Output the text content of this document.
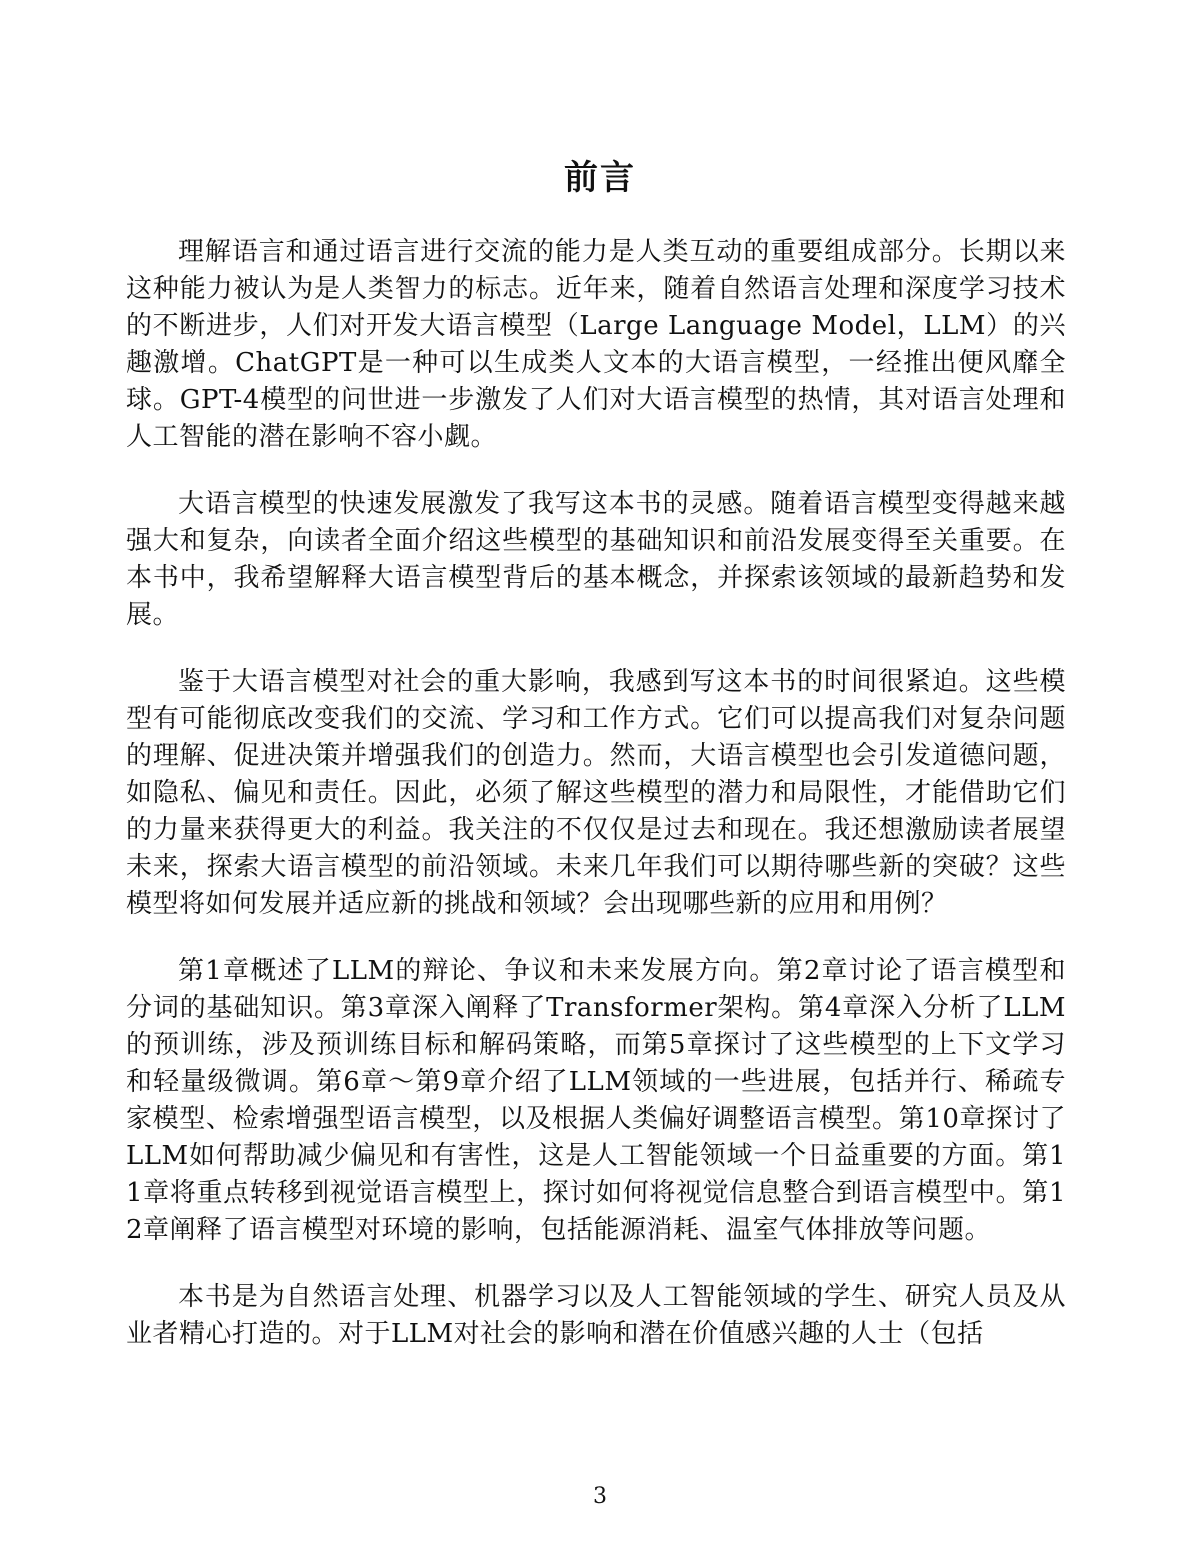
前言

理解语言和通过语言进行交流的能力是人类互动的重要组成部分。长期以来这种能力被认为是人类智力的标志。近年来，随着自然语言处理和深度学习技术的不断进步，人们对开发大语言模型（Large Language Model，LLM）的兴趣激增。ChatGPT是一种可以生成类人文本的大语言模型，一经推出便风靡全球。GPT-4模型的问世进一步激发了人们对大语言模型的热情，其对语言处理和人工智能的潜在影响不容小觑。

大语言模型的快速发展激发了我写这本书的灵感。随着语言模型变得越来越强大和复杂，向读者全面介绍这些模型的基础知识和前沿发展变得至关重要。在本书中，我希望解释大语言模型背后的基本概念，并探索该领域的最新趋势和发展。

鉴于大语言模型对社会的重大影响，我感到写这本书的时间很紧迫。这些模型有可能彻底改变我们的交流、学习和工作方式。它们可以提高我们对复杂问题的理解、促进决策并增强我们的创造力。然而，大语言模型也会引发道德问题，如隐私、偏见和责任。因此，必须了解这些模型的潜力和局限性，才能借助它们的力量来获得更大的利益。我关注的不仅仅是过去和现在。我还想激励读者展望未来，探索大语言模型的前沿领域。未来几年我们可以期待哪些新的突破？这些模型将如何发展并适应新的挑战和领域？会出现哪些新的应用和用例？

第1章概述了LLM的辩论、争议和未来发展方向。第2章讨论了语言模型和分词的基础知识。第3章深入阐释了Transformer架构。第4章深入分析了LLM的预训练，涉及预训练目标和解码策略，而第5章探讨了这些模型的上下文学习和轻量级微调。第6章～第9章介绍了LLM领域的一些进展，包括并行、稀疏专家模型、检索增强型语言模型，以及根据人类偏好调整语言模型。第10章探讨了LLM如何帮助减少偏见和有害性，这是人工智能领域一个日益重要的方面。第11章将重点转移到视觉语言模型上，探讨如何将视觉信息整合到语言模型中。第12章阐释了语言模型对环境的影响，包括能源消耗、温室气体排放等问题。

本书是为自然语言处理、机器学习以及人工智能领域的学生、研究人员及从业者精心打造的。对于LLM对社会的影响和潜在价值感兴趣的人士（包括

3
